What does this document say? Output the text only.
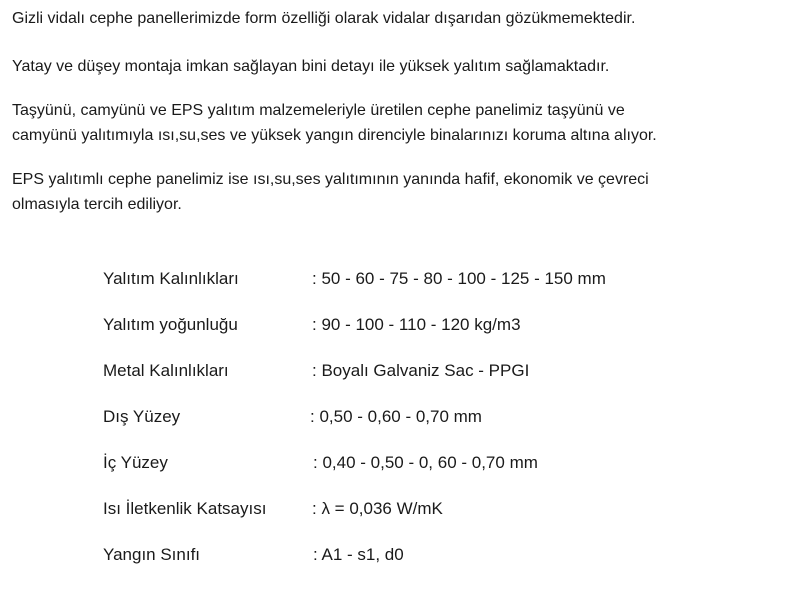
Gizli vidalı cephe panellerimizde form özelliği olarak vidalar dışarıdan gözükmemektedir.

Yatay ve düşey montaja imkan sağlayan bini detayı ile yüksek yalıtım sağlamaktadır.

Taşyünü, camyünü ve EPS yalıtım malzemeleriyle üretilen cephe panelimiz taşyünü ve
camyünü yalıtımıyla ısı,su,ses ve yüksek yangın direnciyle binalarınızı koruma altına alıyor.

EPS yalıtımlı cephe panelimiz ise ısı,su,ses yalıtımının yanında hafif, ekonomik ve çevreci
olmasıyla tercih ediliyor.

Yalıtım Kalınlıkları	: 50 - 60 - 75 - 80 - 100 - 125 - 150 mm
Yalıtım yoğunluğu	: 90 - 100 - 110 - 120 kg/m3
Metal Kalınlıkları	: Boyalı Galvaniz Sac - PPGI
Dış Yüzey	: 0,50 - 0,60 - 0,70 mm
İç Yüzey	: 0,40 - 0,50 - 0, 60 - 0,70 mm
Isı İletkenlik Katsayısı	: λ = 0,036 W/mK
Yangın Sınıfı	: A1 - s1, d0
